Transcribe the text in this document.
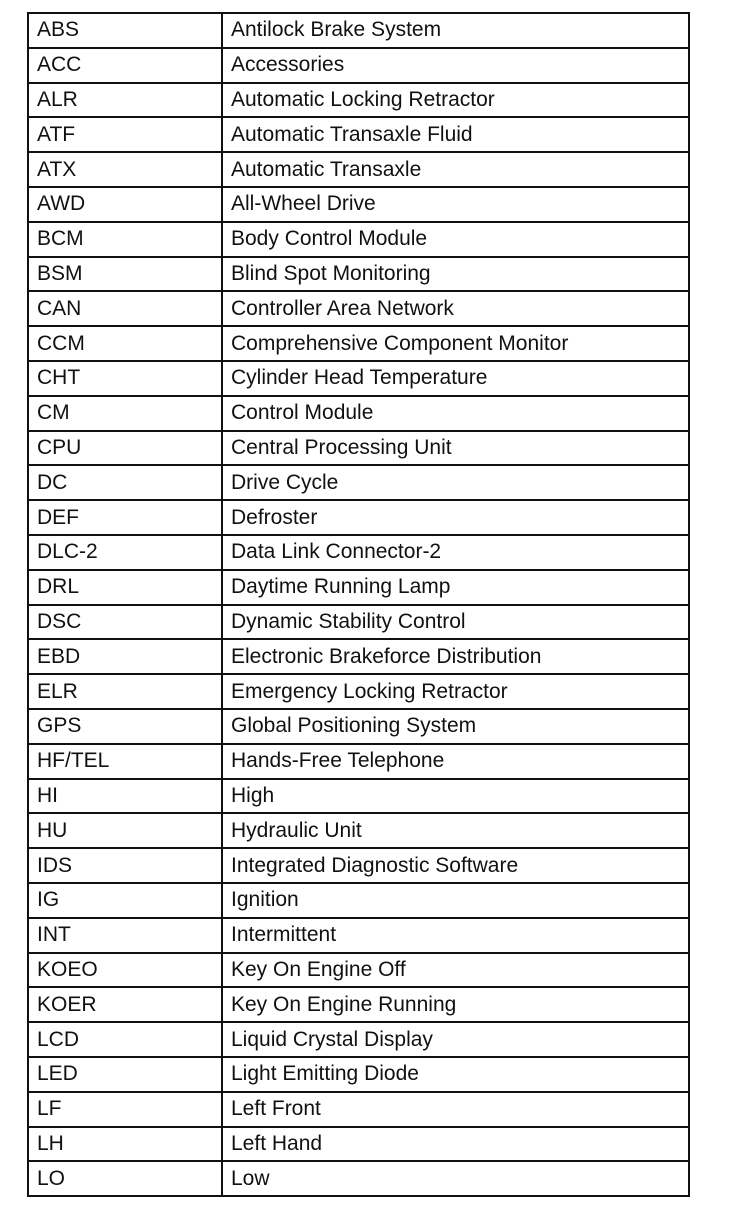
ABS	Antilock Brake System
ACC	Accessories
ALR	Automatic Locking Retractor
ATF	Automatic Transaxle Fluid
ATX	Automatic Transaxle
AWD	All-Wheel Drive
BCM	Body Control Module
BSM	Blind Spot Monitoring
CAN	Controller Area Network
CCM	Comprehensive Component Monitor
CHT	Cylinder Head Temperature
CM	Control Module
CPU	Central Processing Unit
DC	Drive Cycle
DEF	Defroster
DLC-2	Data Link Connector-2
DRL	Daytime Running Lamp
DSC	Dynamic Stability Control
EBD	Electronic Brakeforce Distribution
ELR	Emergency Locking Retractor
GPS	Global Positioning System
HF/TEL	Hands-Free Telephone
HI	High
HU	Hydraulic Unit
IDS	Integrated Diagnostic Software
IG	Ignition
INT	Intermittent
KOEO	Key On Engine Off
KOER	Key On Engine Running
LCD	Liquid Crystal Display
LED	Light Emitting Diode
LF	Left Front
LH	Left Hand
LO	Low
